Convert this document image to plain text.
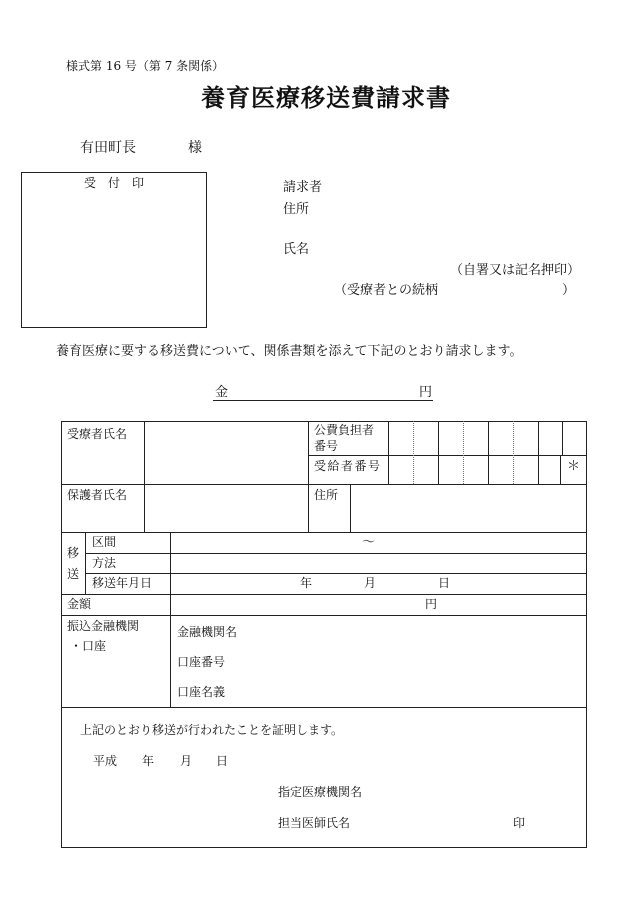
様式第 16 号（第 7 条関係）
養育医療移送費請求書
有田町長	様
受　付　印	請求者
住所
氏名
（自署又は記名押印）
（受療者との続柄	）
養育医療に要する移送費について、関係書類を添えて下記のとおり請求します。
金	円
受療者氏名	公費負担者
番号
受給者番号	＊
保護者氏名	住所
移
送
区間	～
方法
移送年月日	年	月	日
金額	円
振込金融機関
・口座
金融機関名
口座番号
口座名義
上記のとおり移送が行われたことを証明します。
平成 年 月 日
指定医療機関名
担当医師氏名	印
